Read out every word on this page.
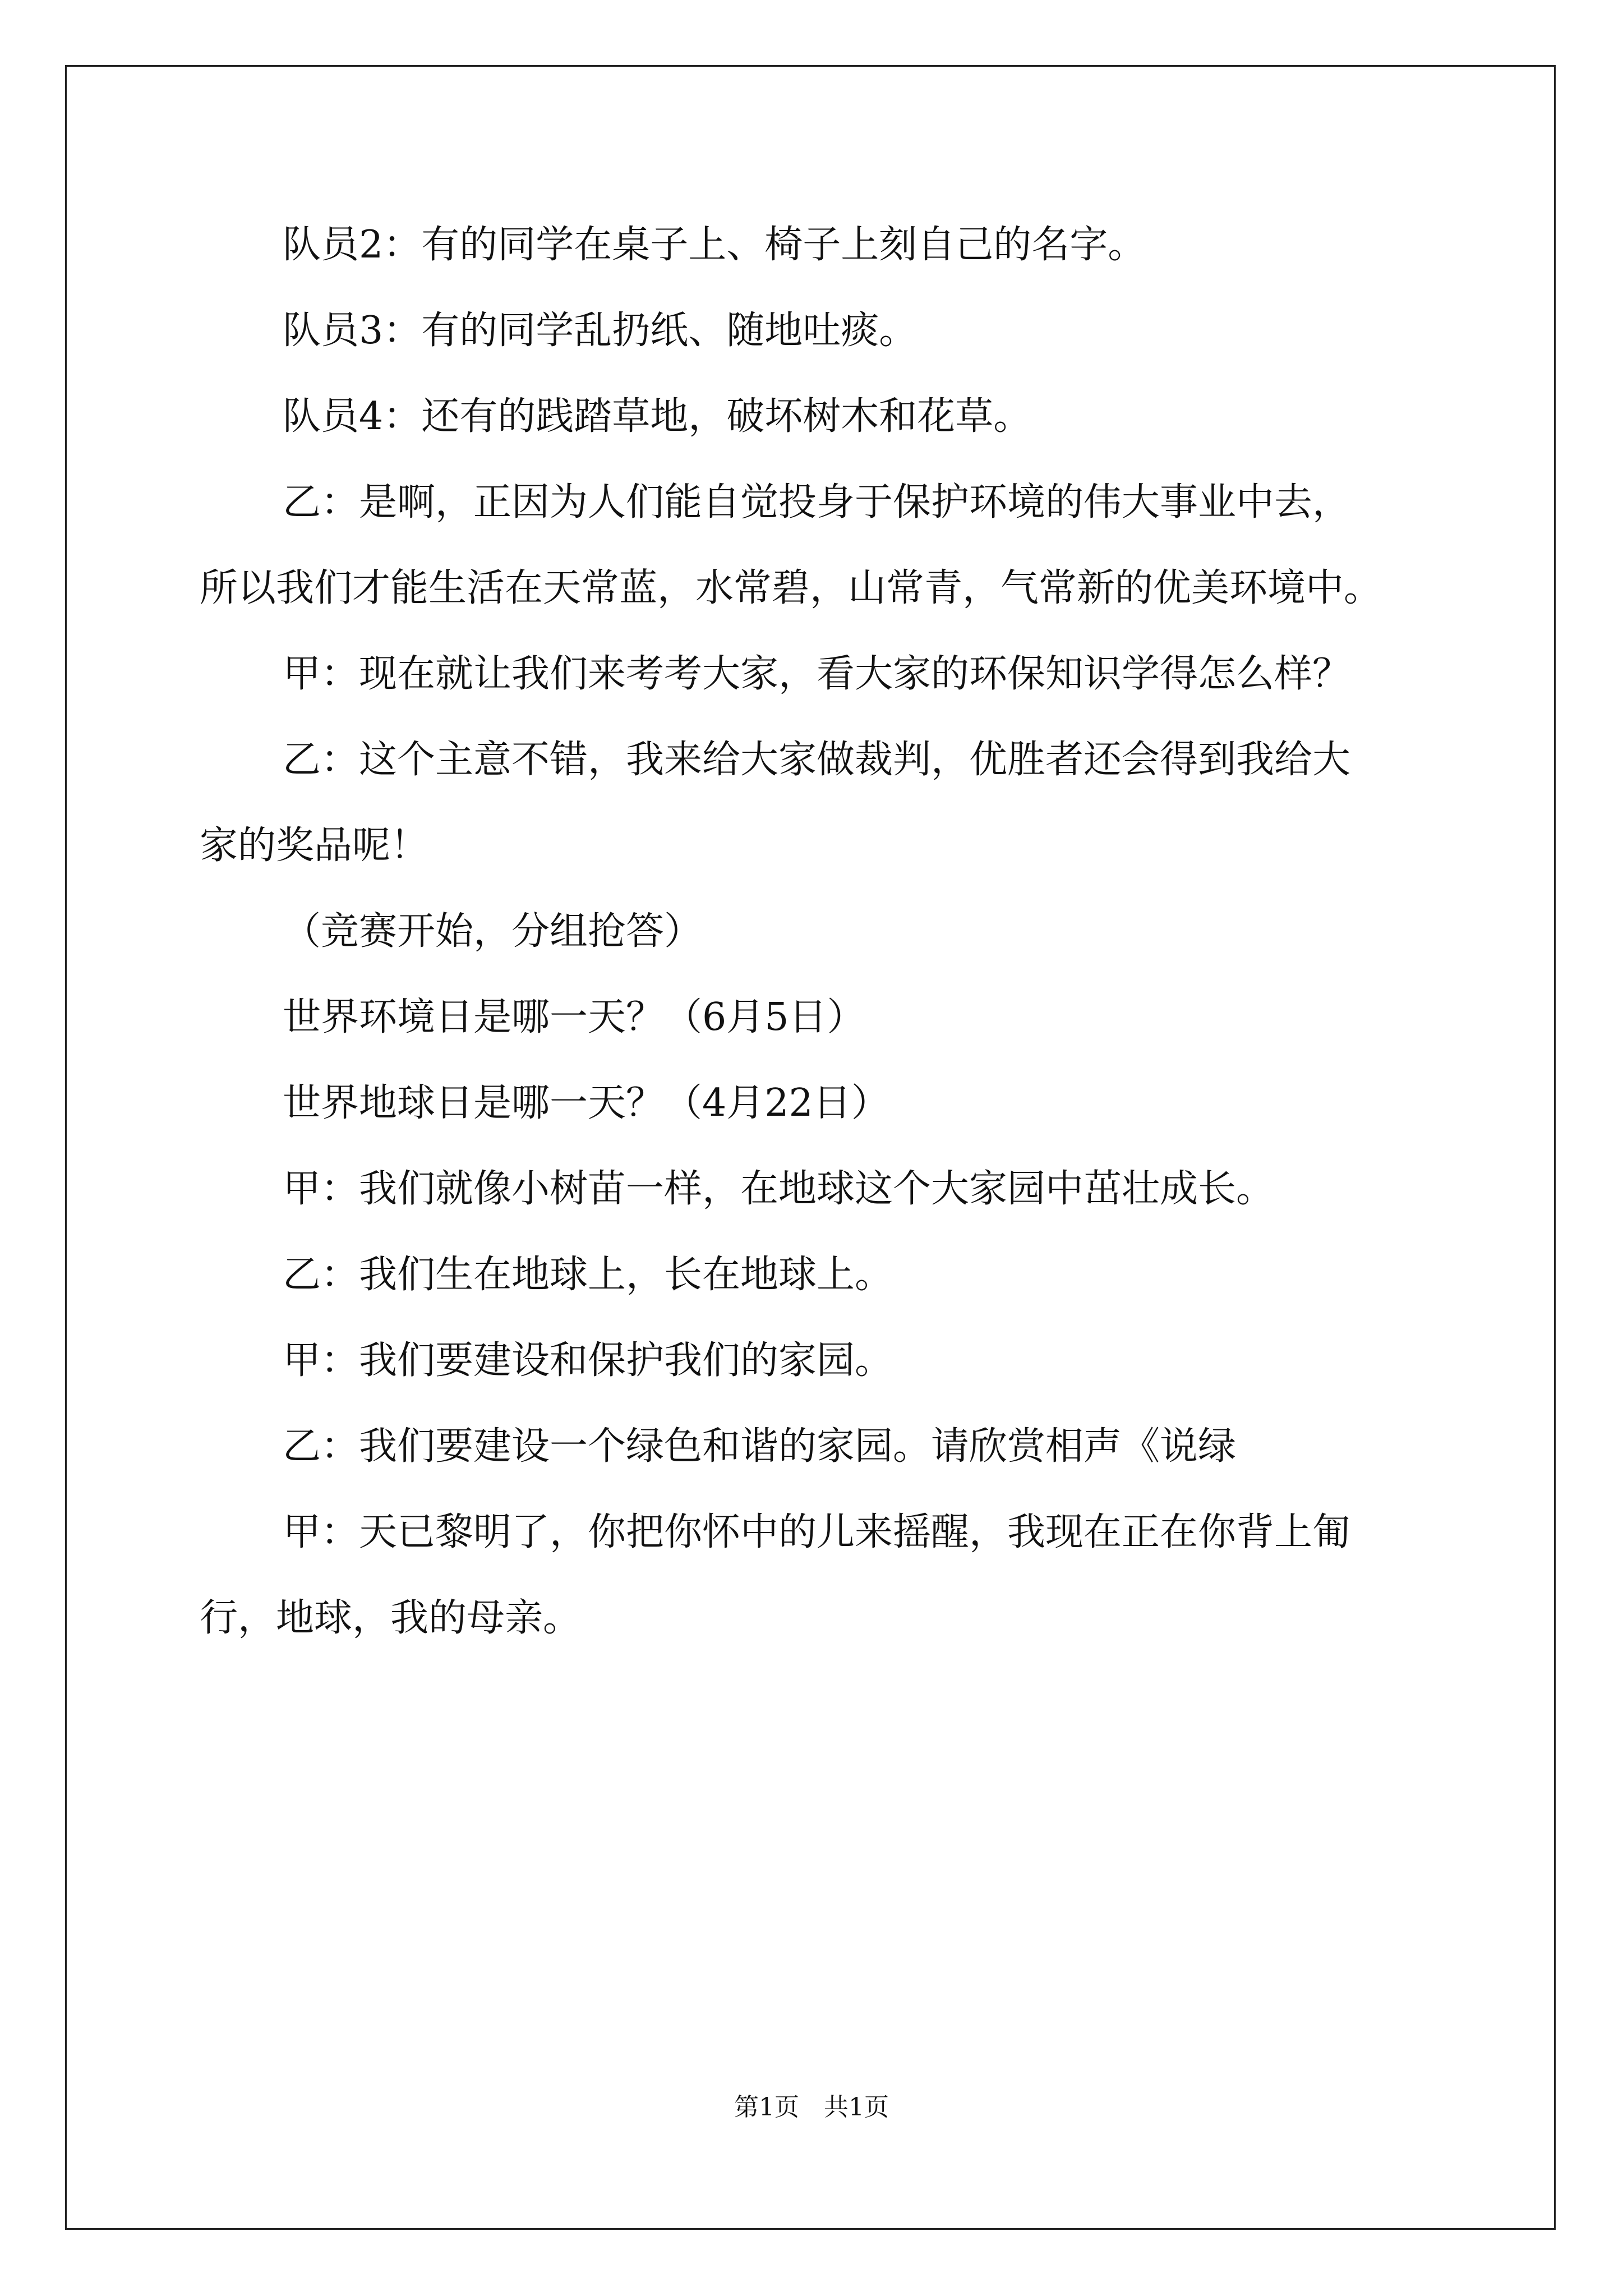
队员2：有的同学在桌子上、椅子上刻自己的名字。

队员3：有的同学乱扔纸、随地吐痰。

队员4：还有的践踏草地，破坏树木和花草。

乙：是啊，正因为人们能自觉投身于保护环境的伟大事业中去，

所以我们才能生活在天常蓝，水常碧，山常青，气常新的优美环境中。

甲：现在就让我们来考考大家，看大家的环保知识学得怎么样？

乙：这个主意不错，我来给大家做裁判，优胜者还会得到我给大

家的奖品呢！

（竞赛开始，分组抢答）

世界环境日是哪一天？（6月5日）

世界地球日是哪一天？（4月22日）

甲：我们就像小树苗一样，在地球这个大家园中茁壮成长。

乙：我们生在地球上，长在地球上。

甲：我们要建设和保护我们的家园。

乙：我们要建设一个绿色和谐的家园。请欣赏相声《说绿

甲：天已黎明了，你把你怀中的儿来摇醒，我现在正在你背上匍

行，地球，我的母亲。

第1页　共1页
